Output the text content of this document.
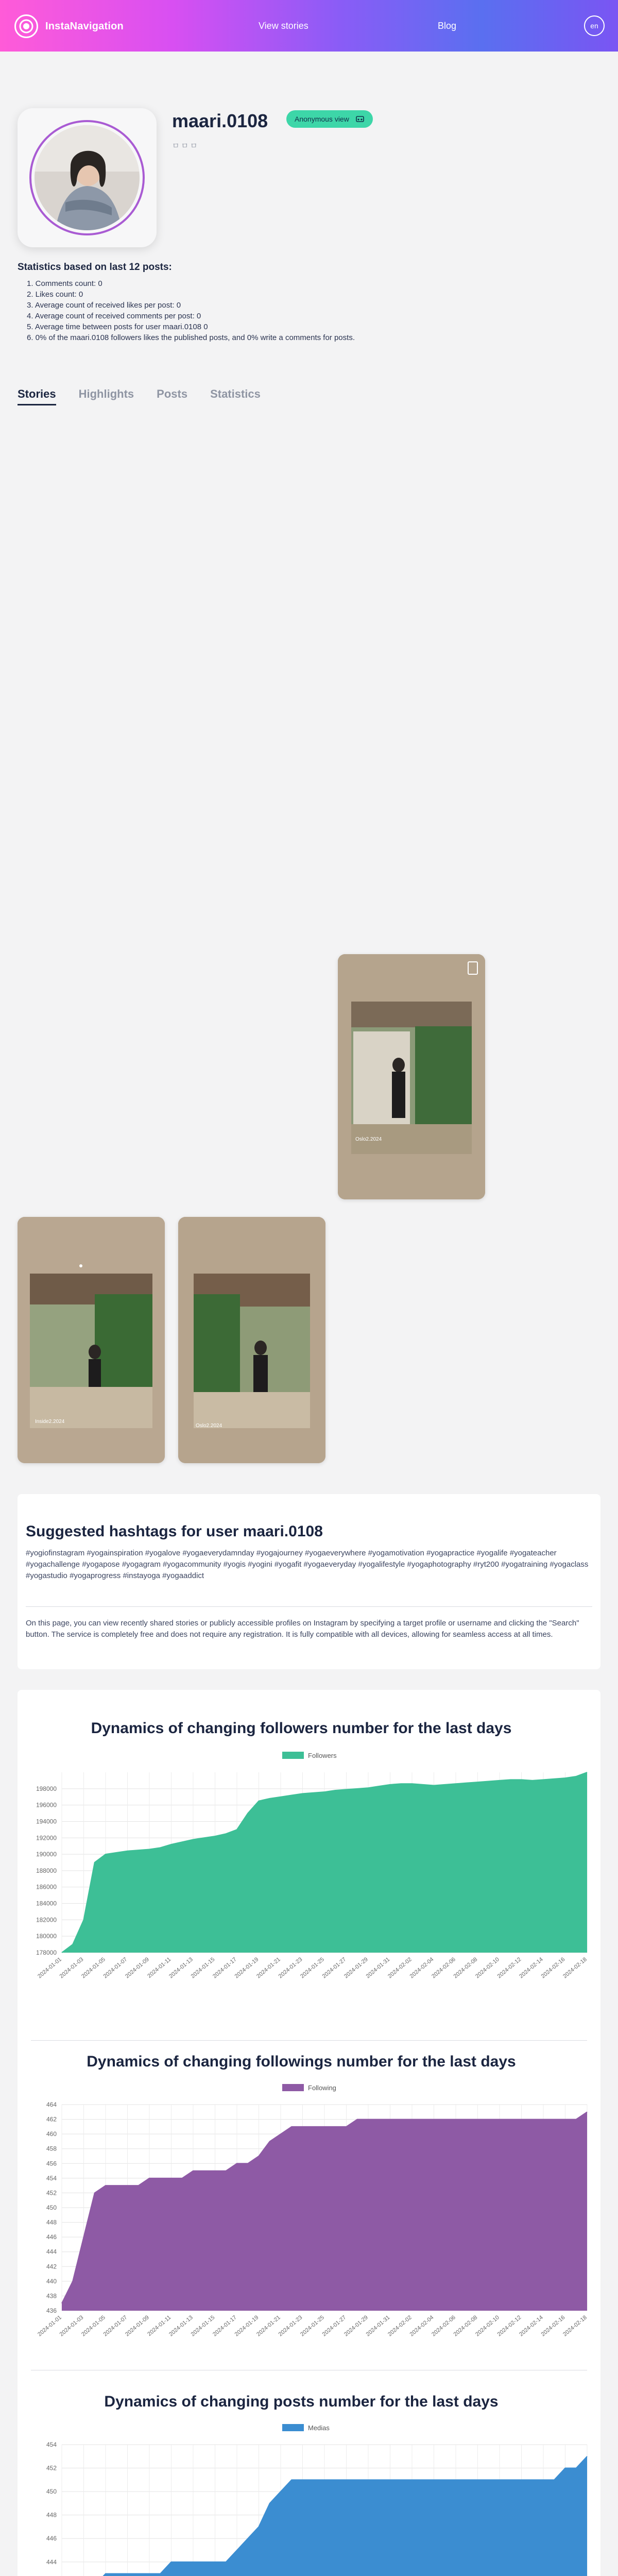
InstaNavigation	View stories	Blog	en
maari.0108	Anonymous view
ㅁㅁㅁ
Statistics based on last 12 posts:
1. Comments count: 0
2. Likes count: 0
3. Average count of received likes per post: 0
4. Average count of received comments per post: 0
5. Average time between posts for user maari.0108 0
6. 0% of the maari.0108 followers likes the published posts, and 0% write a comments for posts.
Stories Highlights Posts Statistics
Oslo2.2024
Inside2.2024
Oslo2.2024
Suggested hashtags for user maari.0108
#yogiofinstagram #yogainspiration #yogalove #yogaeverydamnday #yogajourney #yogaeverywhere #yogamotivation #yogapractice #yogalife #yogateacher #yogachallenge #yogapose #yogagram #yogacommunity #yogis #yogini #yogafit #yogaeveryday #yogalifestyle #yogaphotography #ryt200 #yogatraining #yogaclass #yogastudio #yogaprogress #instayoga #yogaaddict
On this page, you can view recently shared stories or publicly accessible profiles on Instagram by specifying a target profile or username and clicking the "Search" button. The service is completely free and does not require any registration. It is fully compatible with all devices, allowing for seamless access at all times.
Dynamics of changing followers number for the last days
Followers
178000
180000
182000
184000
186000
188000
190000
192000
194000
196000
198000
2024-01-01
2024-01-03
2024-01-05
2024-01-07
2024-01-09
2024-01-11
2024-01-13
2024-01-15
2024-01-17
2024-01-19
2024-01-21
2024-01-23
2024-01-25
2024-01-27
2024-01-29
2024-01-31
2024-02-02
2024-02-04
2024-02-06
2024-02-08
2024-02-10
2024-02-12
2024-02-14
2024-02-16
2024-02-18
Dynamics of changing followings number for the last days
Following
436
438
440
442
444
446
448
450
452
454
456
458
460
462
464
2024-01-01
2024-01-03
2024-01-05
2024-01-07
2024-01-09
2024-01-11
2024-01-13
2024-01-15
2024-01-17
2024-01-19
2024-01-21
2024-01-23
2024-01-25
2024-01-27
2024-01-29
2024-01-31
2024-02-02
2024-02-04
2024-02-06
2024-02-08
2024-02-10
2024-02-12
2024-02-14
2024-02-16
2024-02-18
Dynamics of changing posts number for the last days
Medias
444
446
448
450
452
454
